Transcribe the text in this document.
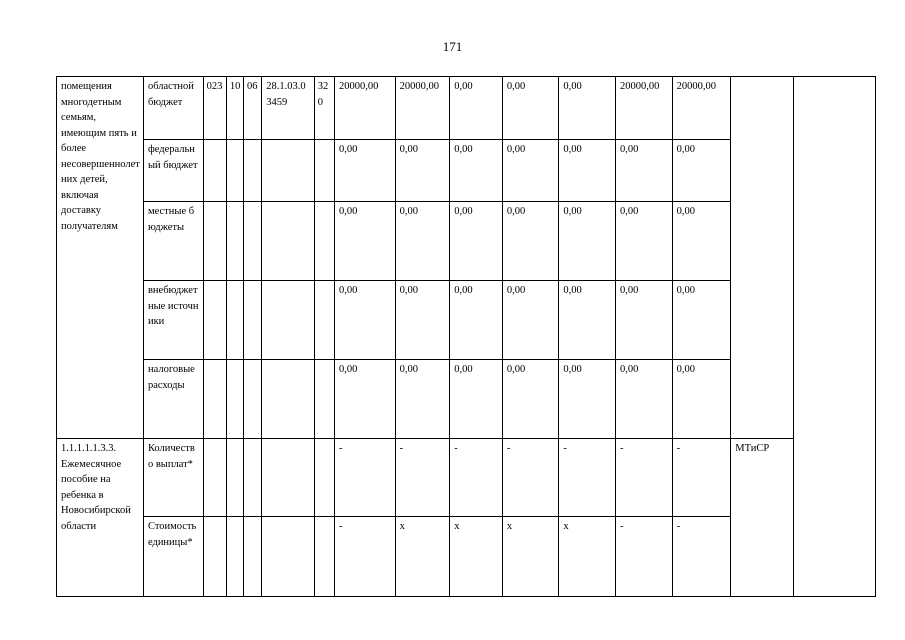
171
помещения многодетным семьям, имеющим пять и более несовершеннолетних детей, включая доставку получателям	областной бюджет	023	10	06	28.1.03.03459	320	20000,00	20000,00	0,00	0,00	0,00	20000,00	20000,00		
	федеральный бюджет						0,00	0,00	0,00	0,00	0,00	0,00	0,00		
	местные бюджеты						0,00	0,00	0,00	0,00	0,00	0,00	0,00		
	внебюджетные источники						0,00	0,00	0,00	0,00	0,00	0,00	0,00		
	налоговые расходы						0,00	0,00	0,00	0,00	0,00	0,00	0,00		
1.1.1.1.1.3.3. Ежемесячное пособие на ребенка в Новосибирской области	Количество выплат*						-	-	-	-	-	-	-	МТиСР	
	Стоимость единицы*						-	х	х	х	х	-	-		
